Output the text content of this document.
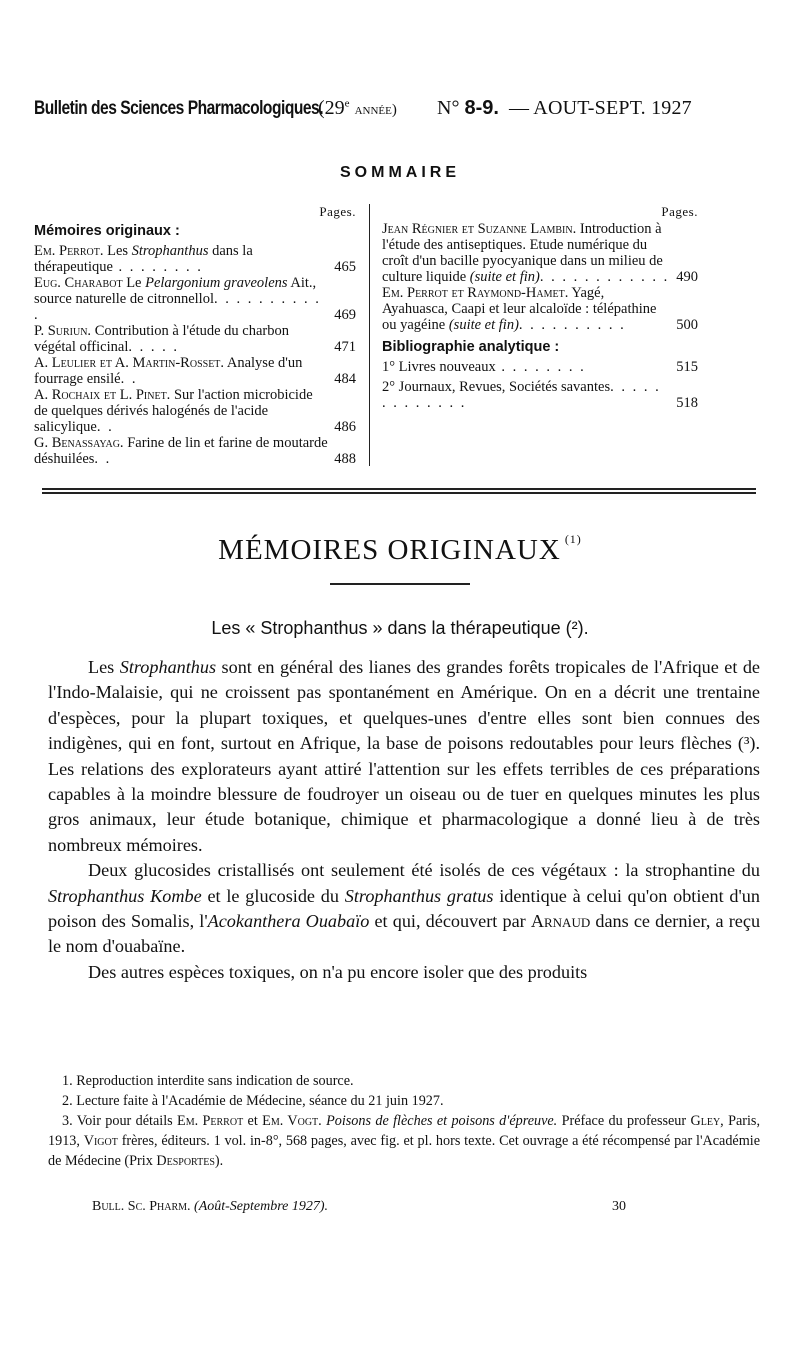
Bulletin des Sciences Pharmacologiques.
(29e année) N° 8-9. — AOUT-SEPT. 1927
SOMMAIRE
Pages.
Mémoires originaux :
Em. Perrot. Les Strophanthus dans la thérapeutique . . . . . . . .	465
Eug. Charabot Le Pelargonium graveolens Ait., source naturelle de citronnellol. . . . . . . . . . .	469
P. Suriun. Contribution à l'étude du charbon végétal officinal. . . . .	471
A. Leulier et A. Martin-Rosset. Analyse d'un fourrage ensilé. .	484
A. Rochaix et L. Pinet. Sur l'action microbicide de quelques dérivés halogénés de l'acide salicylique. .	486
G. Benassayag. Farine de lin et farine de moutarde déshuilées. .	488
Pages.
Jean Régnier et Suzanne Lambin. Introduction à l'étude des antiseptiques. Etude numérique du croît d'un bacille pyocyanique dans un milieu de culture liquide (suite et fin). . . . . . . . . . . . 490
Em. Perrot et Raymond-Hamet. Yagé, Ayahuasca, Caapi et leur alcaloïde : télépathine ou yagéine (suite et fin). . . . . . . . . .	500
Bibliographie analytique :
1° Livres nouveaux . . . . . . . .	515
2° Journaux, Revues, Sociétés savantes. . . . . . . . . . . . .	518
MÉMOIRES ORIGINAUX $^{(1)}$
Les « Strophanthus » dans la thérapeutique (²).

Les Strophanthus sont en général des lianes des grandes forêts tropicales de l'Afrique et de l'Indo-Malaisie, qui ne croissent pas spontanément en Amérique. On en a décrit une trentaine d'espèces, pour la plupart toxiques, et quelques-unes d'entre elles sont bien connues des indigènes, qui en font, surtout en Afrique, la base de poisons redoutables pour leurs flèches (³). Les relations des explorateurs ayant attiré l'attention sur les effets terribles de ces préparations capables à la moindre blessure de foudroyer un oiseau ou de tuer en quelques minutes les plus gros animaux, leur étude botanique, chimique et pharmacologique a donné lieu à de très nombreux mémoires.

Deux glucosides cristallisés ont seulement été isolés de ces végétaux : la strophantine du Strophanthus Kombe et le glucoside du Strophanthus gratus identique à celui qu'on obtient d'un poison des Somalis, l'Acokanthera Ouabaïo et qui, découvert par Arnaud dans ce dernier, a reçu le nom d'ouabaïne.

Des autres espèces toxiques, on n'a pu encore isoler que des produits

1. Reproduction interdite sans indication de source.

2. Lecture faite à l'Académie de Médecine, séance du 21 juin 1927.

3. Voir pour détails Em. Perrot et Em. Vogt. Poisons de flèches et poisons d'épreuve. Préface du professeur Gley, Paris, 1913, Vigot frères, éditeurs. 1 vol. in-8°, 568 pages, avec fig. et pl. hors texte. Cet ouvrage a été récompensé par l'Académie de Médecine (Prix Desportes).

Bull. Sc. Pharm. (Août-Septembre 1927).	30
